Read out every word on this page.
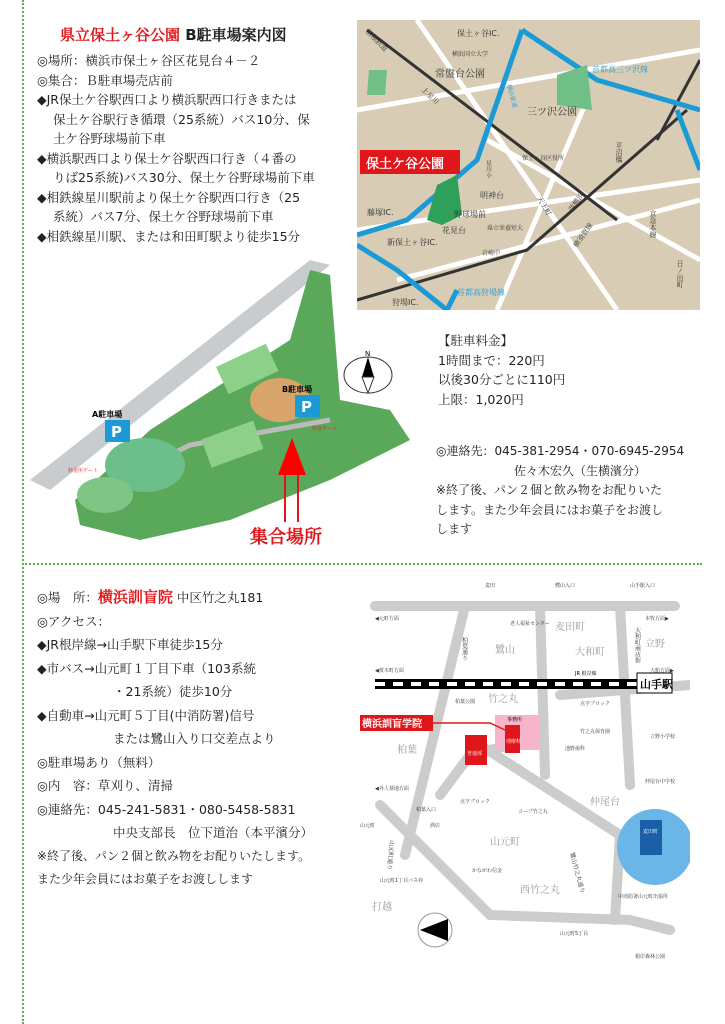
県立保土ヶ谷公園 B駐車場案内図
◎場所：横浜市保土ヶ谷区花見台４－２
◎集合：Ｂ駐車場売店前
◆JR保土ケ谷駅西口より横浜駅西口行きまたは
保土ケ谷駅行き循環（25系統）バス10分、保
土ケ谷野球場前下車
◆横浜駅西口より保土ケ谷駅西口行き（４番の
りば25系統)バス30分、保土ケ谷野球場前下車
◆相鉄線星川駅前より保土ケ谷駅西口行き（25
系統）バス7分、保土ケ谷野球場前下車
◆相鉄線星川駅、または和田町駅より徒歩15分
保土ケ谷公園
保土ヶ谷IC.
横浜国立大学
常盤台公園
三ツ沢公園
首都高三ツ沢線
保土ヶ谷区役所
明神台
野球場前
花見台
藤塚IC.
新保土ヶ谷IC.
県立栄養短大
岩崎中
首都高狩場線
狩場IC.
横須賀線	京急本線
日ノ出町
天王町 西横浜
平沼橋
上星川
相模鉄道
横浜新道
星川小
P
A駐車場	P
B駐車場
料金所ゲート
料金ゲート
集合場所
N
【駐車料金】
1時間まで：220円
以後30分ごとに110円
上限：1,020円
◎連絡先：045-381-2954・070-6945-2954
佐々木宏久（生横濱分）
※終了後、パン２個と飲み物をお配りいた
します。また少年会員にはお菓子をお渡し
します
◎場　所：横浜訓盲院 中区竹之丸181
◎アクセス：
◆JR根岸線→山手駅下車徒歩15分
◆市バス→山元町１丁目下車（103系統
・21系統）徒歩10分
◆自動車→山元町５丁目(中消防署)信号
または鷺山入り口交差点より
◎駐車場あり（無料）
◎内　容：草刈り、清掃
◎連絡先：045-241-5831・080-5458-5831
中央支部長　位下道治（本平濱分）
※終了後、パン２個と飲み物をお配りいたします。
また少年会員にはお菓子をお渡しします
山手駅
JR 根岸線
普通部
理療科
事務所
横浜訓盲学院
麦田町
鷺山	大和町
立野
竹之丸
柏葉
仲尾台
山元町
西竹之丸
打越
麦田	鷺山入口	山手駅入口
柏葉入口
山元町
山元町5丁目
◀元町方面	本牧方面▶
◀桜木町方面	大船方面▶
◀外人墓地方面
老人福祉センター
柏葉公園
竹之丸保育園
池野歯科
立野小学校
仲尾台中学校
コープ竹之丸
酒店
かながわ信金
山元町1丁目バス停
中消防署山元町出張所
根岸森林公園
点字ブロック
点字ブロック
柏葉通り	大和町商店街
鷺山竹之丸通り
山元町通り
麦田町
